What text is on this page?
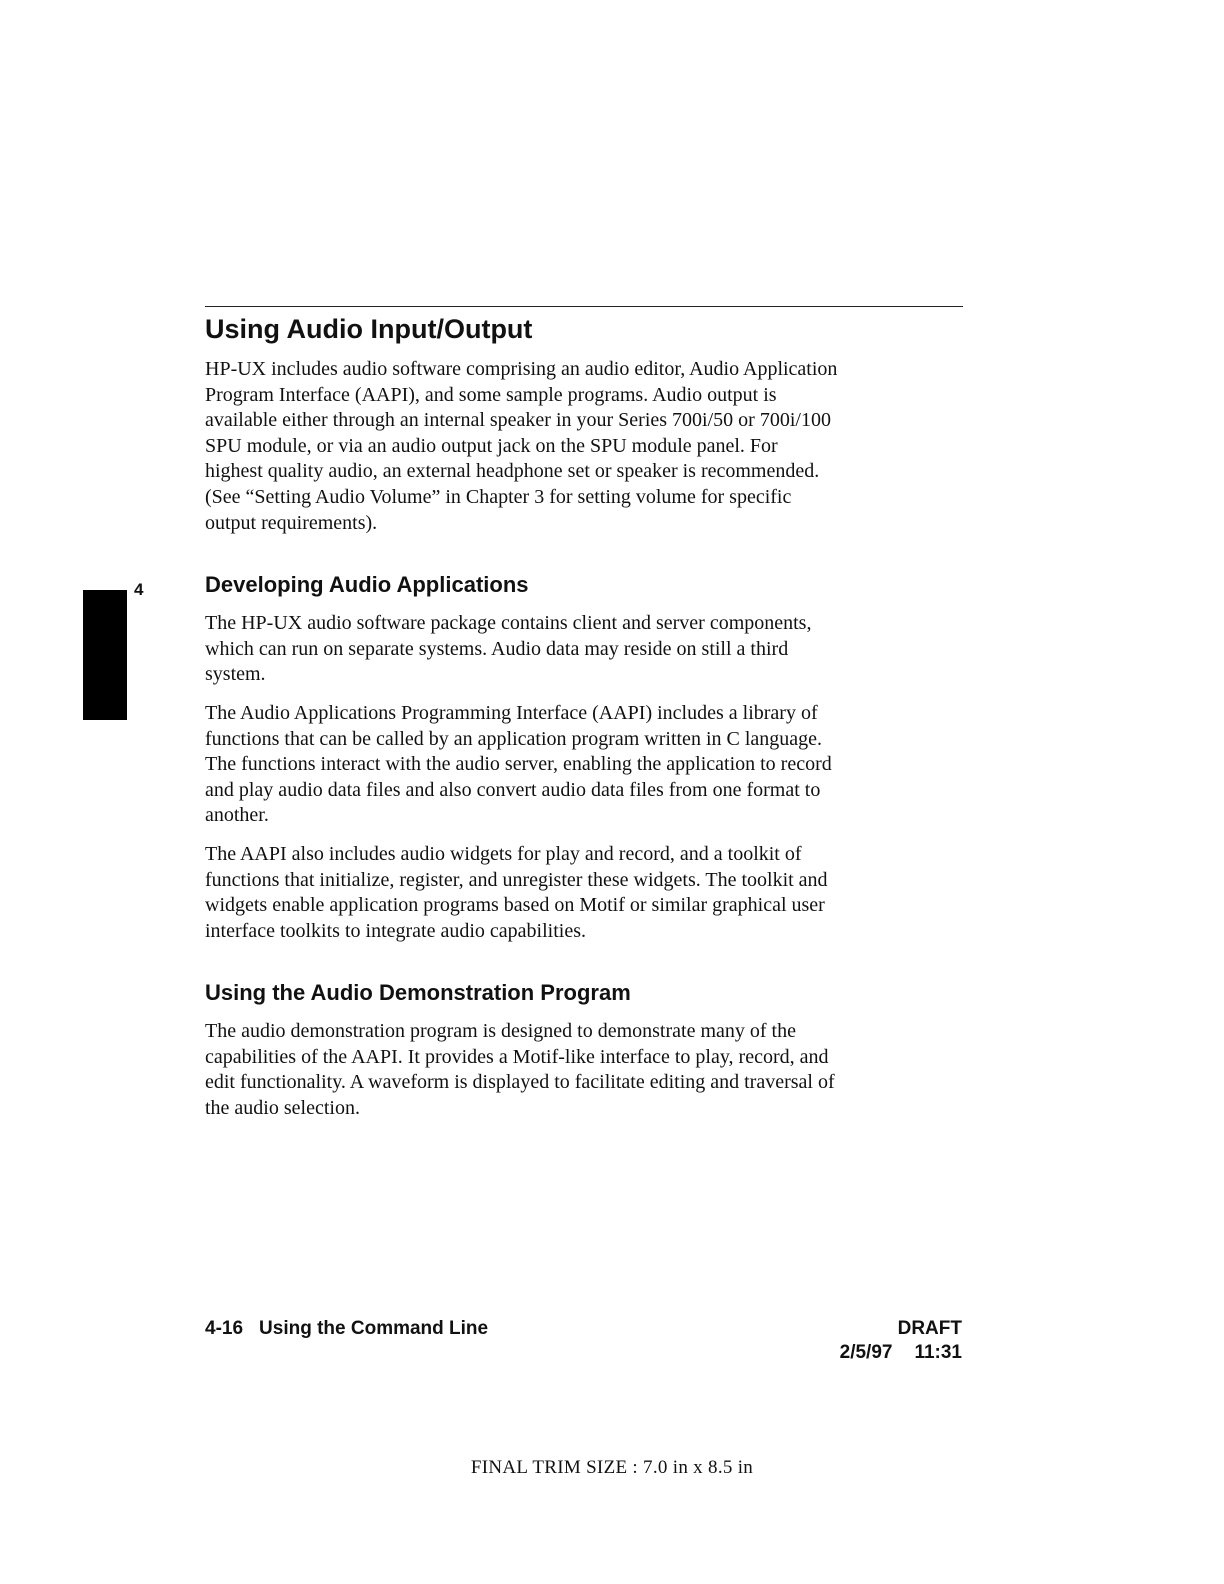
4
Using Audio Input/Output
HP-UX includes audio software comprising an audio editor, Audio Application
Program Interface (AAPI), and some sample programs. Audio output is
available either through an internal speaker in your Series 700i/50 or 700i/100
SPU module, or via an audio output jack on the SPU module panel. For
highest quality audio, an external headphone set or speaker is recommended.
(See “Setting Audio Volume” in Chapter 3 for setting volume for specific
output requirements).
Developing Audio Applications
The HP-UX audio software package contains client and server components,
which can run on separate systems. Audio data may reside on still a third
system.
The Audio Applications Programming Interface (AAPI) includes a library of
functions that can be called by an application program written in C language.
The functions interact with the audio server, enabling the application to record
and play audio data files and also convert audio data files from one format to
another.
The AAPI also includes audio widgets for play and record, and a toolkit of
functions that initialize, register, and unregister these widgets. The toolkit and
widgets enable application programs based on Motif or similar graphical user
interface toolkits to integrate audio capabilities.
Using the Audio Demonstration Program
The audio demonstration program is designed to demonstrate many of the
capabilities of the AAPI. It provides a Motif-like interface to play, record, and
edit functionality. A waveform is displayed to facilitate editing and traversal of
the audio selection.
4-16 Using the Command Line	DRAFT
2/5/97 11:31
FINAL TRIM SIZE : 7.0 in x 8.5 in
